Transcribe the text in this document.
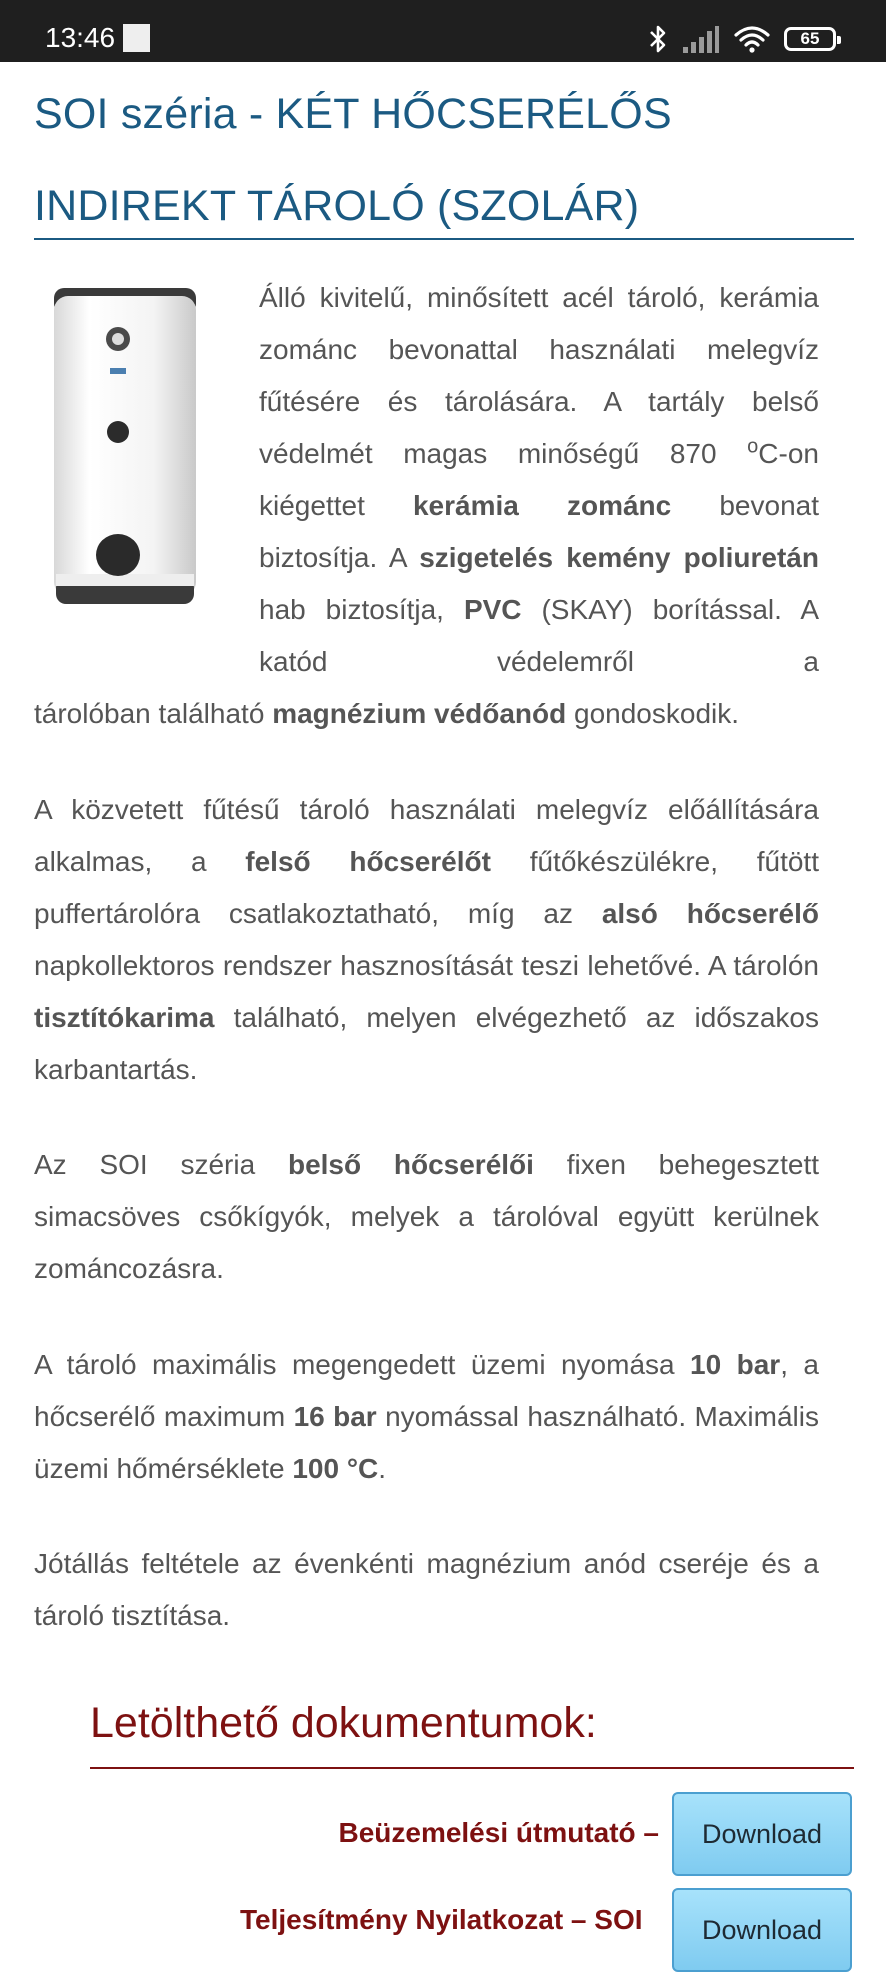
13:46	65
SOI széria - KÉT HŐCSERÉLŐS INDIREKT TÁROLÓ (SZOLÁR)

Álló kivitelű, minősített acél tároló, kerámia zománc bevonattal használati melegvíz fűtésére és tárolására. A tartály belső védelmét magas minőségű 870 $^o$C-on kiégettet kerámia zománc bevonat biztosítja. A szigetelés kemény poliuretán hab biztosítja, PVC (SKAY) borítással. A katód védelemről a

tárolóban található magnézium védőanód gondoskodik.

A közvetett fűtésű tároló használati melegvíz előállítására alkalmas, a felső hőcserélőt fűtőkészülékre, fűtött puffertárolóra csatlakoztatható, míg az alsó hőcserélő napkollektoros rendszer hasznosítását teszi lehetővé. A tárolón tisztítókarima található, melyen elvégezhető az időszakos karbantartás.

Az SOI széria belső hőcserélői fixen behegesztett simacsöves csőkígyók, melyek a tárolóval együtt kerülnek zománcozásra.

A tároló maximális megengedett üzemi nyomása 10 bar, a hőcserélő maximum 16 bar nyomással használható. Maximális üzemi hőmérséklete 100 °C.

Jótállás feltétele az évenkénti magnézium anód cseréje és a tároló tisztítása.

Letölthető dokumentumok:
Beüzemelési útmutató –	Download
Teljesítmény Nyilatkozat – SOI	Download
